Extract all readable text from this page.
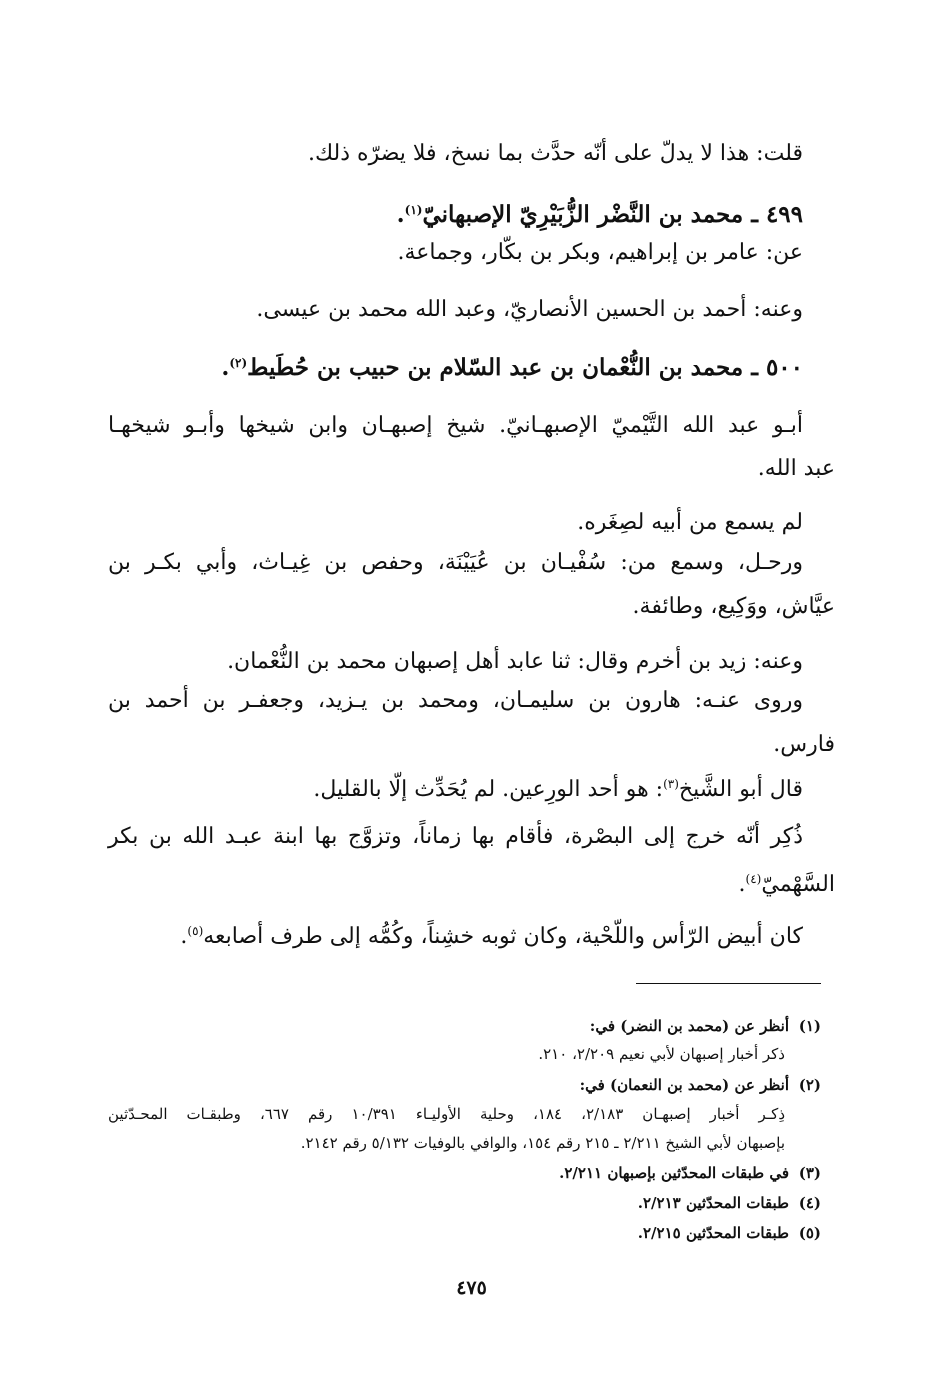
قلت: هذا لا يدلّ على أنّه حدَّث بما نسخ، فلا يضرّه ذلك.
٤٩٩ ـ محمد بن النَّضْر الزُّبَيْرِيّ الإصبهانيّ$^{(١)}$.
عن: عامر بن إبراهيم، وبكر بن بكّار، وجماعة.
وعنه: أحمد بن الحسين الأنصاريّ، وعبد الله محمد بن عيسى.
٥٠٠ ـ محمد بن النُّعْمان بن عبد السّلام بن حبيب بن حُطَيط$^{(٢)}$.
أبـو عبد الله التَّيْميّ الإصبهـانيّ. شيخ إصبهـان وابن شيخها وأبـو شيخهـا
عبد الله.
لم يسمع من أبيه لصِغَره.
ورحـل، وسمع من: سُفْيـان بن عُيَيْنَة، وحفص بن غِيـاث، وأبي بكـر بن
عيَّاش، ووَكِيع، وطائفة.
وعنه: زيد بن أخرم وقال: ثنا عابد أهل إصبهان محمد بن النُّعْمان.
وروى عنـه: هارون بن سليمـان، ومحمد بن يـزيد، وجعفـر بن أحمد بن
فارس.
قال أبو الشَّيخ$^{(٣)}$: هو أحد الورِعين. لم يُحَدِّث إلّا بالقليل.
ذُكِر أنّه خرج إلى البصْرة، فأقام بها زماناً، وتزوَّج بها ابنة عبـد الله بن بكر
السَّهْميّ$^{(٤)}$.
كان أبيض الرّأس واللّحْية، وكان ثوبه خشِناً، وكُمُّه إلى طرف أصابعه$^{(٥)}$.
(١)أنظر عن (محمد بن النضر) في:
ذكر أخبار إصبهان لأبي نعيم ٢/٢٠٩، ٢١٠.
(٢)أنظر عن (محمد بن النعمان) في:
ذِكـر أخبار إصبهـان ٢/١٨٣، ١٨٤، وحلية الأوليـاء ١٠/٣٩١ رقم ٦٦٧، وطبقـات المحـدّثين
بإصبهان لأبي الشيخ ٢/٢١١ ـ ٢١٥ رقم ١٥٤، والوافي بالوفيات ٥/١٣٢ رقم ٢١٤٢.
(٣)في طبقات المحدّثين بإصبهان ٢/٢١١.
(٤)طبقات المحدّثين ٢/٢١٣.
(٥)طبقات المحدّثين ٢/٢١٥.
٤٧٥
